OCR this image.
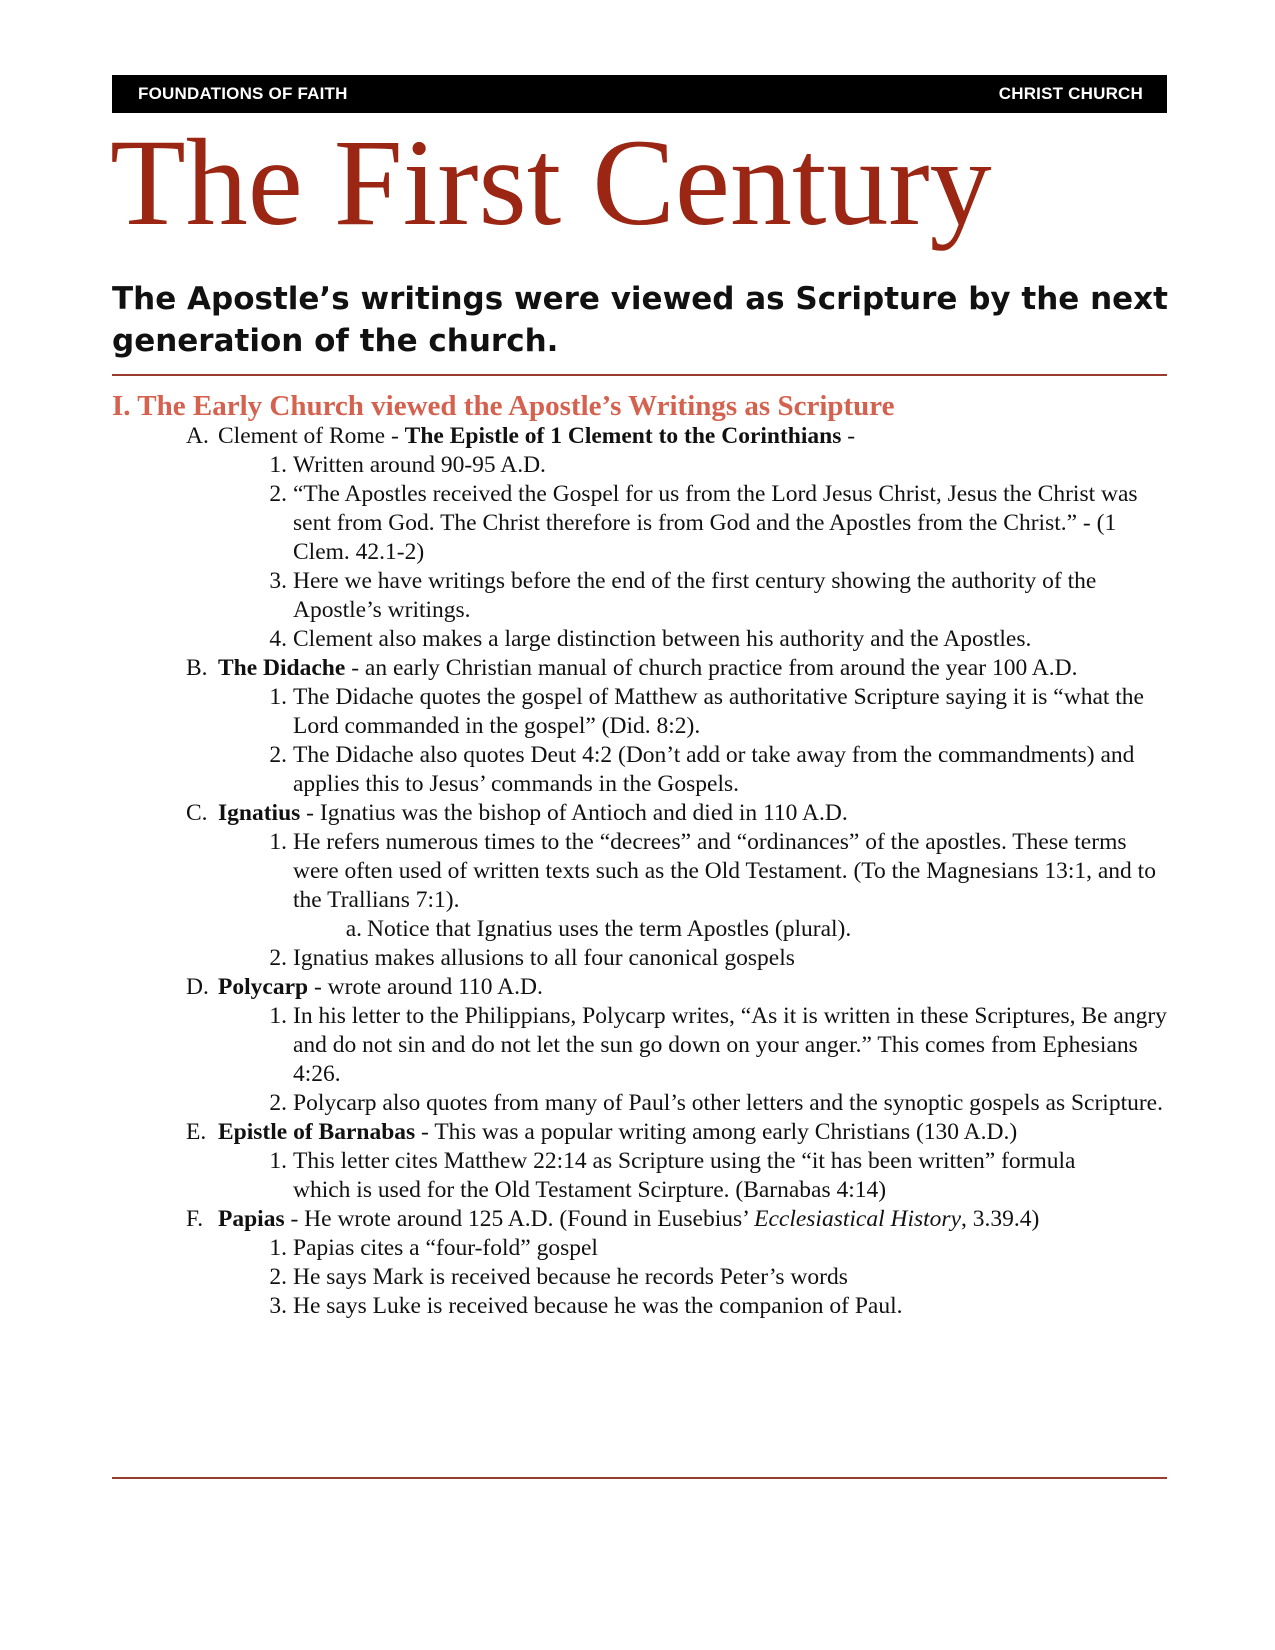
FOUNDATIONS OF FAITH	CHRIST CHURCH
The First Century

The Apostle’s writings were viewed as Scripture by the next generation of the church.

I. The Early Church viewed the Apostle’s Writings as Scripture
A. Clement of Rome - The Epistle of 1 Clement to the Corinthians -
1. Written around 90-95 A.D.
2. “The Apostles received the Gospel for us from the Lord Jesus Christ, Jesus the Christ was sent from God. The Christ therefore is from God and the Apostles from the Christ.” - (1 Clem. 42.1-2)
3. Here we have writings before the end of the first century showing the authority of the Apostle’s writings.
4. Clement also makes a large distinction between his authority and the Apostles.
B. The Didache - an early Christian manual of church practice from around the year 100 A.D.
1. The Didache quotes the gospel of Matthew as authoritative Scripture saying it is “what the Lord commanded in the gospel” (Did. 8:2).
2. The Didache also quotes Deut 4:2 (Don’t add or take away from the commandments) and applies this to Jesus’ commands in the Gospels.
C. Ignatius - Ignatius was the bishop of Antioch and died in 110 A.D.
1. He refers numerous times to the “decrees” and “ordinances” of the apostles. These terms were often used of written texts such as the Old Testament. (To the Magnesians 13:1, and to the Trallians 7:1).
a. Notice that Ignatius uses the term Apostles (plural).
2. Ignatius makes allusions to all four canonical gospels
D. Polycarp - wrote around 110 A.D.
1. In his letter to the Philippians, Polycarp writes, “As it is written in these Scriptures, Be angry and do not sin and do not let the sun go down on your anger.” This comes from Ephesians 4:26.
2. Polycarp also quotes from many of Paul’s other letters and the synoptic gospels as Scripture.
E. Epistle of Barnabas - This was a popular writing among early Christians (130 A.D.)
1. This letter cites Matthew 22:14 as Scripture using the “it has been written” formula which is used for the Old Testament Scirpture. (Barnabas 4:14)
F. Papias - He wrote around 125 A.D. (Found in Eusebius’ Ecclesiastical History, 3.39.4)
1. Papias cites a “four-fold” gospel
2. He says Mark is received because he records Peter’s words
3. He says Luke is received because he was the companion of Paul.
